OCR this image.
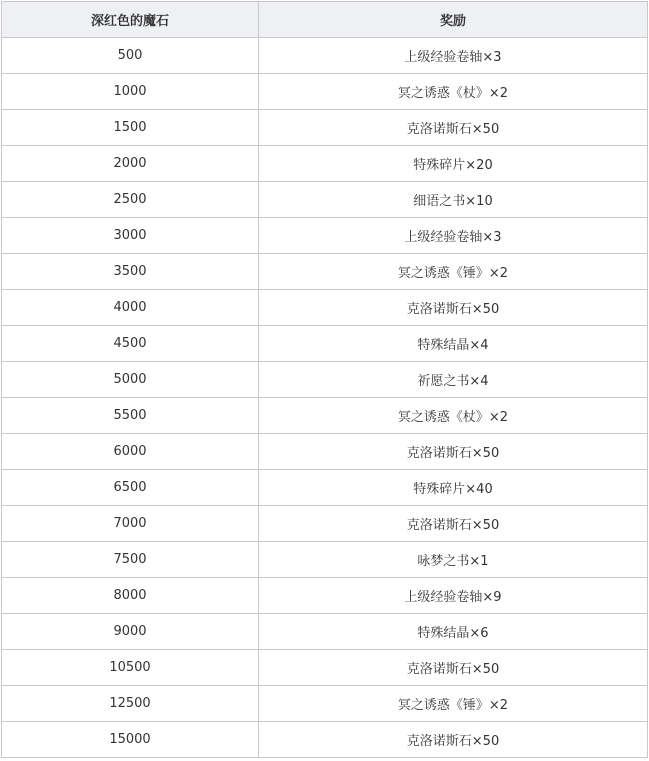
深红色的魔石	奖励
500	上级经验卷轴×3
1000	冥之诱惑《杖》×2
1500	克洛诺斯石×50
2000	特殊碎片×20
2500	细语之书×10
3000	上级经验卷轴×3
3500	冥之诱惑《锤》×2
4000	克洛诺斯石×50
4500	特殊结晶×4
5000	祈愿之书×4
5500	冥之诱惑《杖》×2
6000	克洛诺斯石×50
6500	特殊碎片×40
7000	克洛诺斯石×50
7500	咏梦之书×1
8000	上级经验卷轴×9
9000	特殊结晶×6
10500	克洛诺斯石×50
12500	冥之诱惑《锤》×2
15000	克洛诺斯石×50
